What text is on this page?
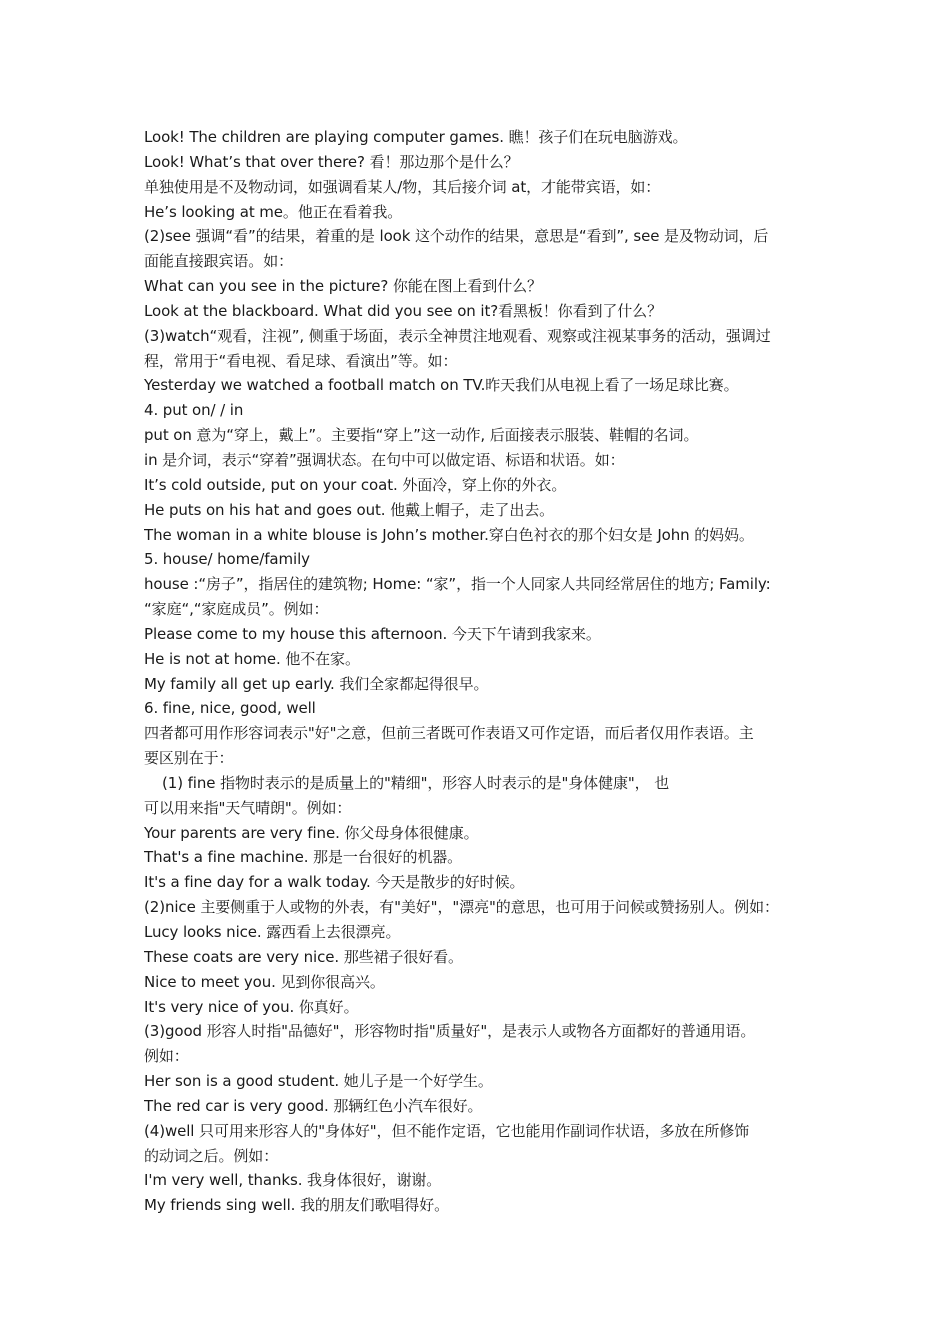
Look! The children are playing computer games. 瞧！孩子们在玩电脑游戏。
Look! What’s that over there? 看！那边那个是什么？
单独使用是不及物动词，如强调看某人/物，其后接介词 at，才能带宾语，如：
He’s looking at me。他正在看着我。
(2)see 强调“看”的结果，着重的是 look 这个动作的结果，意思是“看到”, see 是及物动词，后
面能直接跟宾语。如：
What can you see in the picture? 你能在图上看到什么？
Look at the blackboard. What did you see on it?看黑板！你看到了什么？
(3)watch“观看，注视”, 侧重于场面，表示全神贯注地观看、观察或注视某事务的活动，强调过
程，常用于“看电视、看足球、看演出”等。如：
Yesterday we watched a football match on TV.昨天我们从电视上看了一场足球比赛。
4. put on/ / in
put on 意为“穿上，戴上”。主要指“穿上”这一动作, 后面接表示服装、鞋帽的名词。
in 是介词，表示“穿着”强调状态。在句中可以做定语、标语和状语。如：
It’s cold outside, put on your coat. 外面冷，穿上你的外衣。
He puts on his hat and goes out. 他戴上帽子，走了出去。
The woman in a white blouse is John’s mother.穿白色衬衣的那个妇女是 John 的妈妈。
5. house/ home/family
house :“房子”，指居住的建筑物; Home: “家”，指一个人同家人共同经常居住的地方; Family:
“家庭“,“家庭成员”。例如：
Please come to my house this afternoon. 今天下午请到我家来。
He is not at home. 他不在家。
My family all get up early. 我们全家都起得很早。
6. fine, nice, good, well
四者都可用作形容词表示"好"之意，但前三者既可作表语又可作定语，而后者仅用作表语。主
要区别在于：
(1) fine 指物时表示的是质量上的"精细"，形容人时表示的是"身体健康"， 也
可以用来指"天气晴朗"。例如：
Your parents are very fine. 你父母身体很健康。
That's a fine machine. 那是一台很好的机器。
It's a fine day for a walk today. 今天是散步的好时候。
(2)nice 主要侧重于人或物的外表，有"美好"，"漂亮"的意思，也可用于问候或赞扬别人。例如：
Lucy looks nice. 露西看上去很漂亮。
These coats are very nice. 那些裙子很好看。
Nice to meet you. 见到你很高兴。
It's very nice of you. 你真好。
(3)good 形容人时指"品德好"，形容物时指"质量好"，是表示人或物各方面都好的普通用语。
例如：
Her son is a good student. 她儿子是一个好学生。
The red car is very good. 那辆红色小汽车很好。
(4)well 只可用来形容人的"身体好"，但不能作定语，它也能用作副词作状语，多放在所修饰
的动词之后。例如：
I'm very well, thanks. 我身体很好，谢谢。
My friends sing well. 我的朋友们歌唱得好。
